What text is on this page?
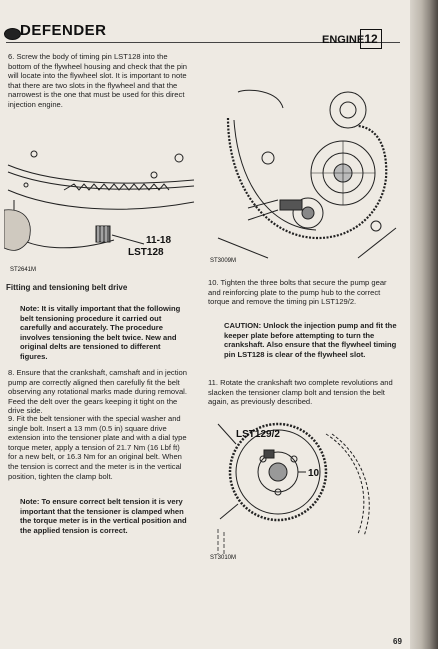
DEFENDER
ENGINE 12
6. Screw the body of timing pin LST128 into the bottom of the flywheel housing and check that the pin will locate into the flywheel slot. It is important to note that there are two slots in the flywheel and that the narrowest is the one that must be used for this direct injection engine.
11-18
LST128
ST2641M
Fitting and tensioning belt drive
Note: It is vitally important that the following belt tensioning procedure it carried out carefully and accurately. The procedure involves tensioning the belt twice. New and original delts are tensioned to different figures.
8. Ensure that the crankshaft, camshaft and in jection pump are correctly aligned then carefully fit the belt observing any rotational marks made during removal. Feed the delt over the gears keeping it tight on the drive side.
9. Fit the belt tensioner with the special washer and single bolt. Insert a 13 mm (0.5 in) square drive extension into the tensioner plate and with a dial type torque meter, apply a tension of 21.7 Nm (16 Lbf ft) for a new belt, or 16.3 Nm for an original belt. When the tension is correct and the meter is in the vertical position, tighten the clamp bolt.
Note: To ensure correct belt tension it is very important that the tensioner is clamped when the torque meter is in the vertical position and the applied tension is correct.
ST3009M
10. Tighten the three bolts that secure the pump gear and reinforcing plate to the pump hub to the correct torque and remove the timing pin LST129/2.
CAUTION: Unlock the injection pump and fit the keeper plate before attempting to turn the crankshaft. Also ensure that the flywheel timing pin LST128 is clear of the flywheel slot.
11. Rotate the crankshaft two complete revolutions and slacken the tensioner clamp bolt and tension the belt again, as previously described.
LST129/2
10
ST3010M
69
